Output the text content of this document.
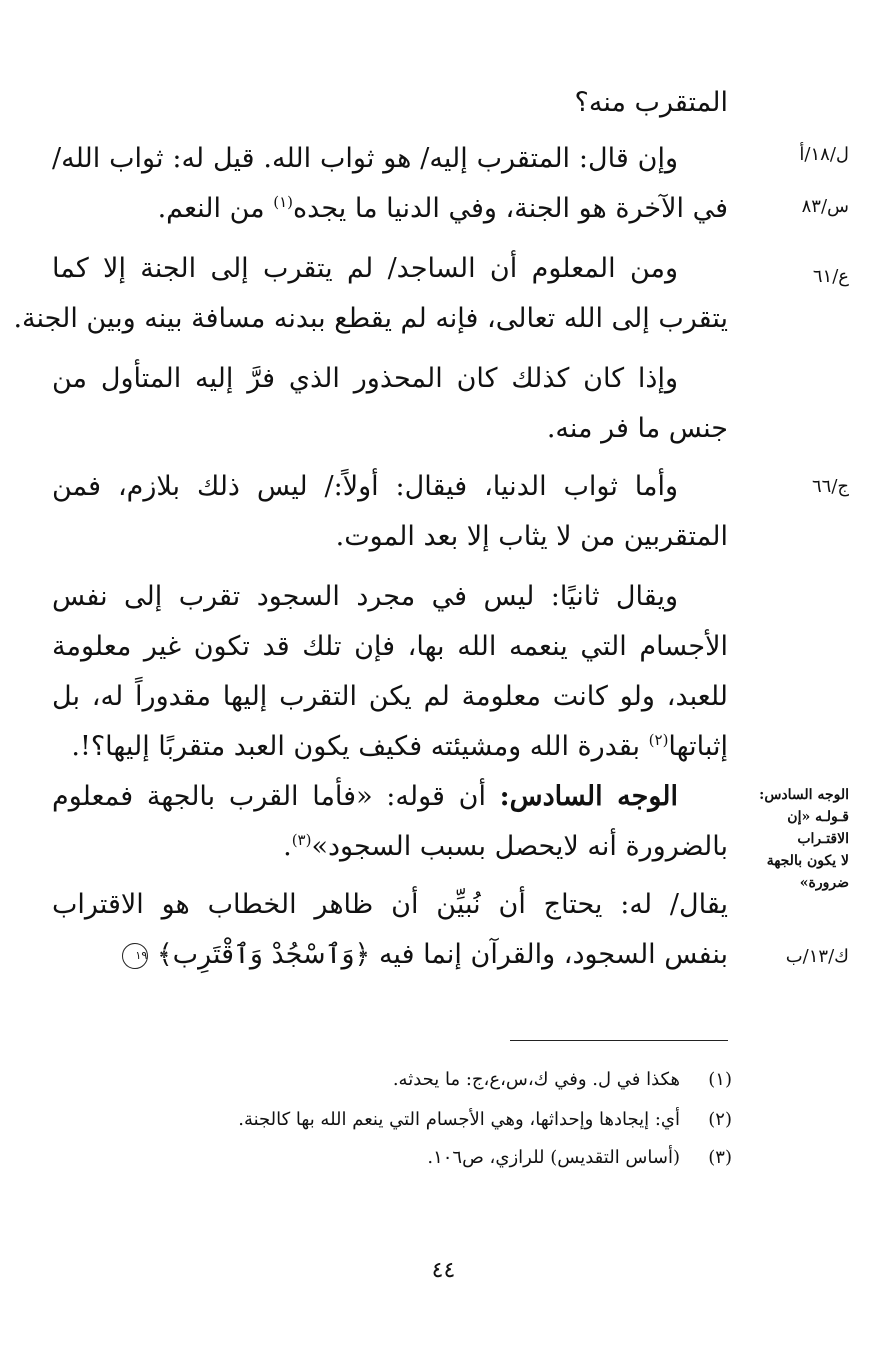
ل/١٨/أ
س/٨٣
ع/٦١
ج/٦٦
الوجه السادس:
قـولـه «إن
الاقتـراب
لا يكون بالجهة
ضرورة»
ك/١٣/ب
المتقرب منه؟
وإن قال: المتقرب إليه/ هو ثواب الله. قيل له: ثواب الله/
في الآخرة هو الجنة، وفي الدنيا ما يجده$^{(١)}$ من النعم.
ومن المعلوم أن الساجد/ لم يتقرب إلى الجنة إلا كما
يتقرب إلى الله تعالى، فإنه لم يقطع ببدنه مسافة بينه وبين الجنة.
وإذا كان كذلك كان المحذور الذي فرَّ إليه المتأول من
جنس ما فر منه.
وأما ثواب الدنيا، فيقال: أولاً:/ ليس ذلك بلازم، فمن
المتقربين من لا يثاب إلا بعد الموت.
ويقال ثانيًا: ليس في مجرد السجود تقرب إلى نفس
الأجسام التي ينعمه الله بها، فإن تلك قد تكون غير معلومة
للعبد، ولو كانت معلومة لم يكن التقرب إليها مقدوراً له، بل
إثباتها$^{(٢)}$ بقدرة الله ومشيئته فكيف يكون العبد متقربًا إليها؟!.
الوجه السادس: أن قوله: «فأما القرب بالجهة فمعلوم
بالضرورة أنه لايحصل بسبب السجود»$^{(٣)}$.
يقال/ له: يحتاج أن نُبيِّن أن ظاهر الخطاب هو الاقتراب
بنفس السجود، والقرآن إنما فيه ﴿وَٱسْجُدْ وَٱقْتَرِب﴾ ١٩
(١)هكذا في ل. وفي ك،س،ع،ج: ما يحدثه.
(٢)أي: إيجادها وإحداثها، وهي الأجسام التي ينعم الله بها كالجنة.
(٣)(أساس التقديس) للرازي، ص١٠٦.
٤٤
